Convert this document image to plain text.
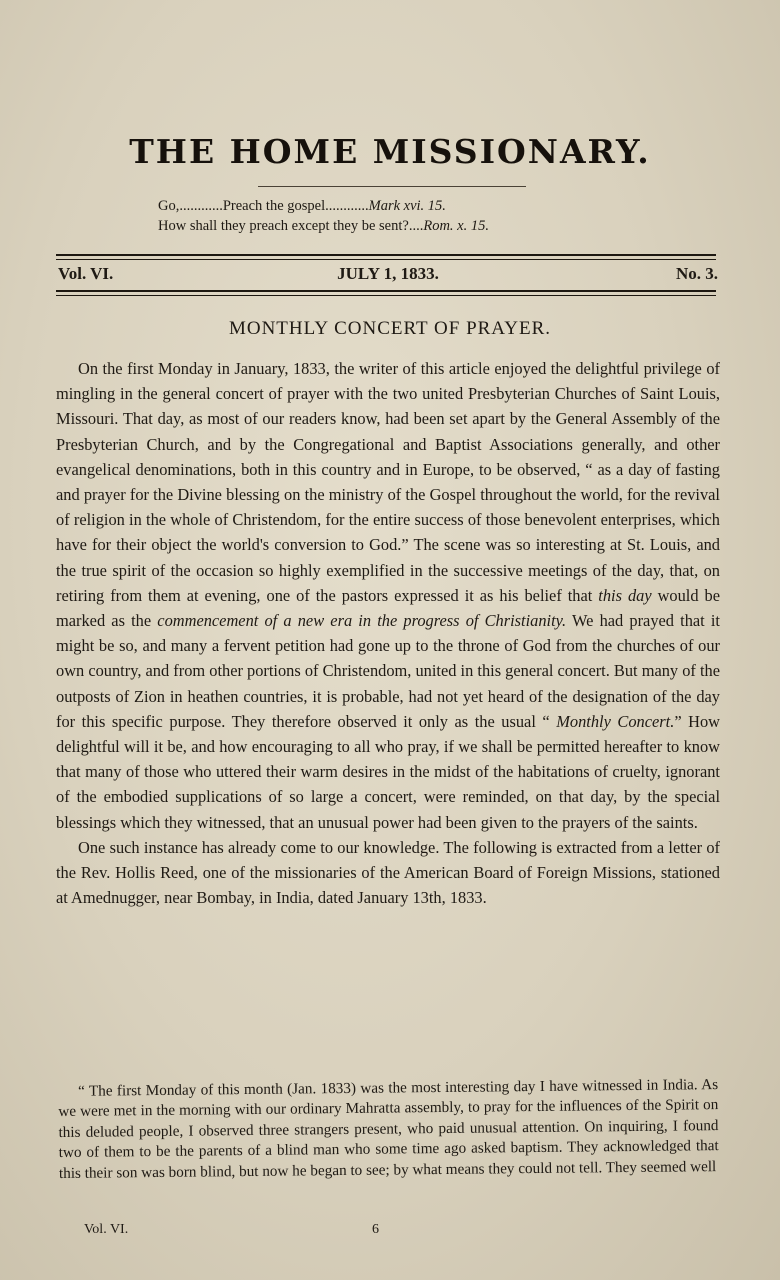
THE HOME MISSIONARY.
Go,............Preach the gospel............Mark xvi. 15.
How shall they preach except they be sent?....Rom. x. 15.
Vol. VI.	JULY 1, 1833.	No. 3.
MONTHLY CONCERT OF PRAYER.

On the first Monday in January, 1833, the writer of this article enjoyed the delightful privilege of mingling in the general concert of prayer with the two united Presbyterian Churches of Saint Louis, Missouri. That day, as most of our readers know, had been set apart by the General Assembly of the Presbyterian Church, and by the Congregational and Baptist Associations generally, and other evangelical denominations, both in this country and in Europe, to be observed, “ as a day of fasting and prayer for the Divine blessing on the ministry of the Gospel throughout the world, for the revival of religion in the whole of Christendom, for the entire success of those benevolent enterprises, which have for their object the world's conversion to God.” The scene was so interesting at St. Louis, and the true spirit of the occasion so highly exemplified in the successive meetings of the day, that, on retiring from them at evening, one of the pastors expressed it as his belief that this day would be marked as the commencement of a new era in the progress of Christianity. We had prayed that it might be so, and many a fervent petition had gone up to the throne of God from the churches of our own country, and from other portions of Christendom, united in this general concert. But many of the outposts of Zion in heathen countries, it is probable, had not yet heard of the designation of the day for this specific purpose. They therefore observed it only as the usual “ Monthly Concert.” How delightful will it be, and how encouraging to all who pray, if we shall be permitted hereafter to know that many of those who uttered their warm desires in the midst of the habitations of cruelty, ignorant of the embodied supplications of so large a concert, were reminded, on that day, by the special blessings which they witnessed, that an unusual power had been given to the prayers of the saints.

One such instance has already come to our knowledge. The following is extracted from a letter of the Rev. Hollis Reed, one of the missionaries of the American Board of Foreign Missions, stationed at Amednugger, near Bombay, in India, dated January 13th, 1833.

“ The first Monday of this month (Jan. 1833) was the most interesting day I have witnessed in India. As we were met in the morning with our ordinary Mahratta assembly, to pray for the influences of the Spirit on this deluded people, I observed three strangers present, who paid unusual attention. On inquiring, I found two of them to be the parents of a blind man who some time ago asked baptism. They acknowledged that this their son was born blind, but now he began to see; by what means they could not tell. They seemed well

Vol. VI.	6
